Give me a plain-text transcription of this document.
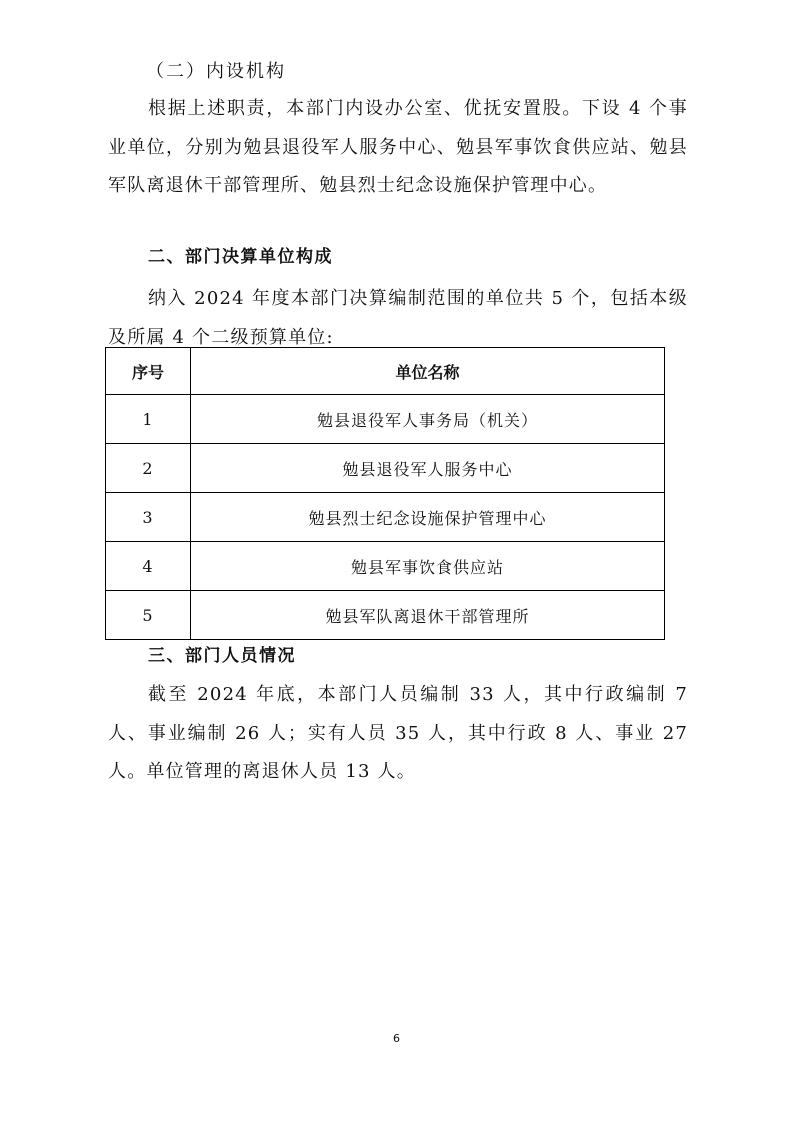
（二）内设机构

根据上述职责，本部门内设办公室、优抚安置股。下设 4 个事业单位，分别为勉县退役军人服务中心、勉县军事饮食供应站、勉县军队离退休干部管理所、勉县烈士纪念设施保护管理中心。

二、部门决算单位构成

纳入 2024 年度本部门决算编制范围的单位共 5 个，包括本级及所属 4 个二级预算单位:

序号	单位名称
1	勉县退役军人事务局（机关）
2	勉县退役军人服务中心
3	勉县烈士纪念设施保护管理中心
4	勉县军事饮食供应站
5	勉县军队离退休干部管理所
三、部门人员情况

截至 2024 年底，本部门人员编制 33 人，其中行政编制 7 人、事业编制 26 人；实有人员 35 人，其中行政 8 人、事业 27 人。单位管理的离退休人员 13 人。

6
